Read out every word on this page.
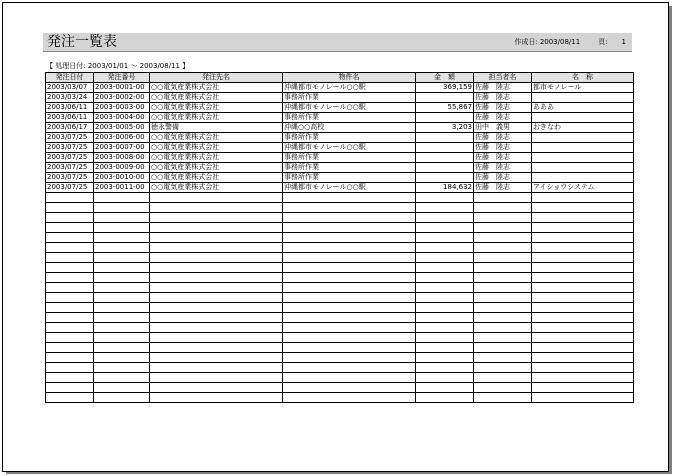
発注一覧表	作成日: 2003/08/11	頁: 1
【 処理日付: 2003/01/01 ～ 2003/08/11 】
発注日付	発注番号	発注先名	物件名	金　額	担当者名	名　称
2003/03/07	2003-0001-00	○○電気産業株式会社	沖縄都市モノレール○○駅	369,159	佐藤　陸志	都市モノレール
2003/03/24	2003-0002-00	○○電気産業株式会社	事務所作業		佐藤　陸志	
2003/06/11	2003-0003-00	○○電気産業株式会社	沖縄都市モノレール○○駅	55,867	佐藤　陸志	あああ
2003/06/11	2003-0004-00	○○電気産業株式会社	事務所作業		佐藤　陸志	
2003/06/17	2003-0005-00	徳永警備	沖縄○○高校	3,203	田中　義男	おきなわ
2003/07/25	2003-0006-00	○○電気産業株式会社	事務所作業		佐藤　陸志	
2003/07/25	2003-0007-00	○○電気産業株式会社	沖縄都市モノレール○○駅		佐藤　陸志	
2003/07/25	2003-0008-00	○○電気産業株式会社	事務所作業		佐藤　陸志	
2003/07/25	2003-0009-00	○○電気産業株式会社	事務所作業		佐藤　陸志	
2003/07/25	2003-0010-00	○○電気産業株式会社	事務所作業		佐藤　陸志	
2003/07/25	2003-0011-00	○○電気産業株式会社	沖縄都市モノレール○○駅	184,632	佐藤　陸志	アイショウシステム
